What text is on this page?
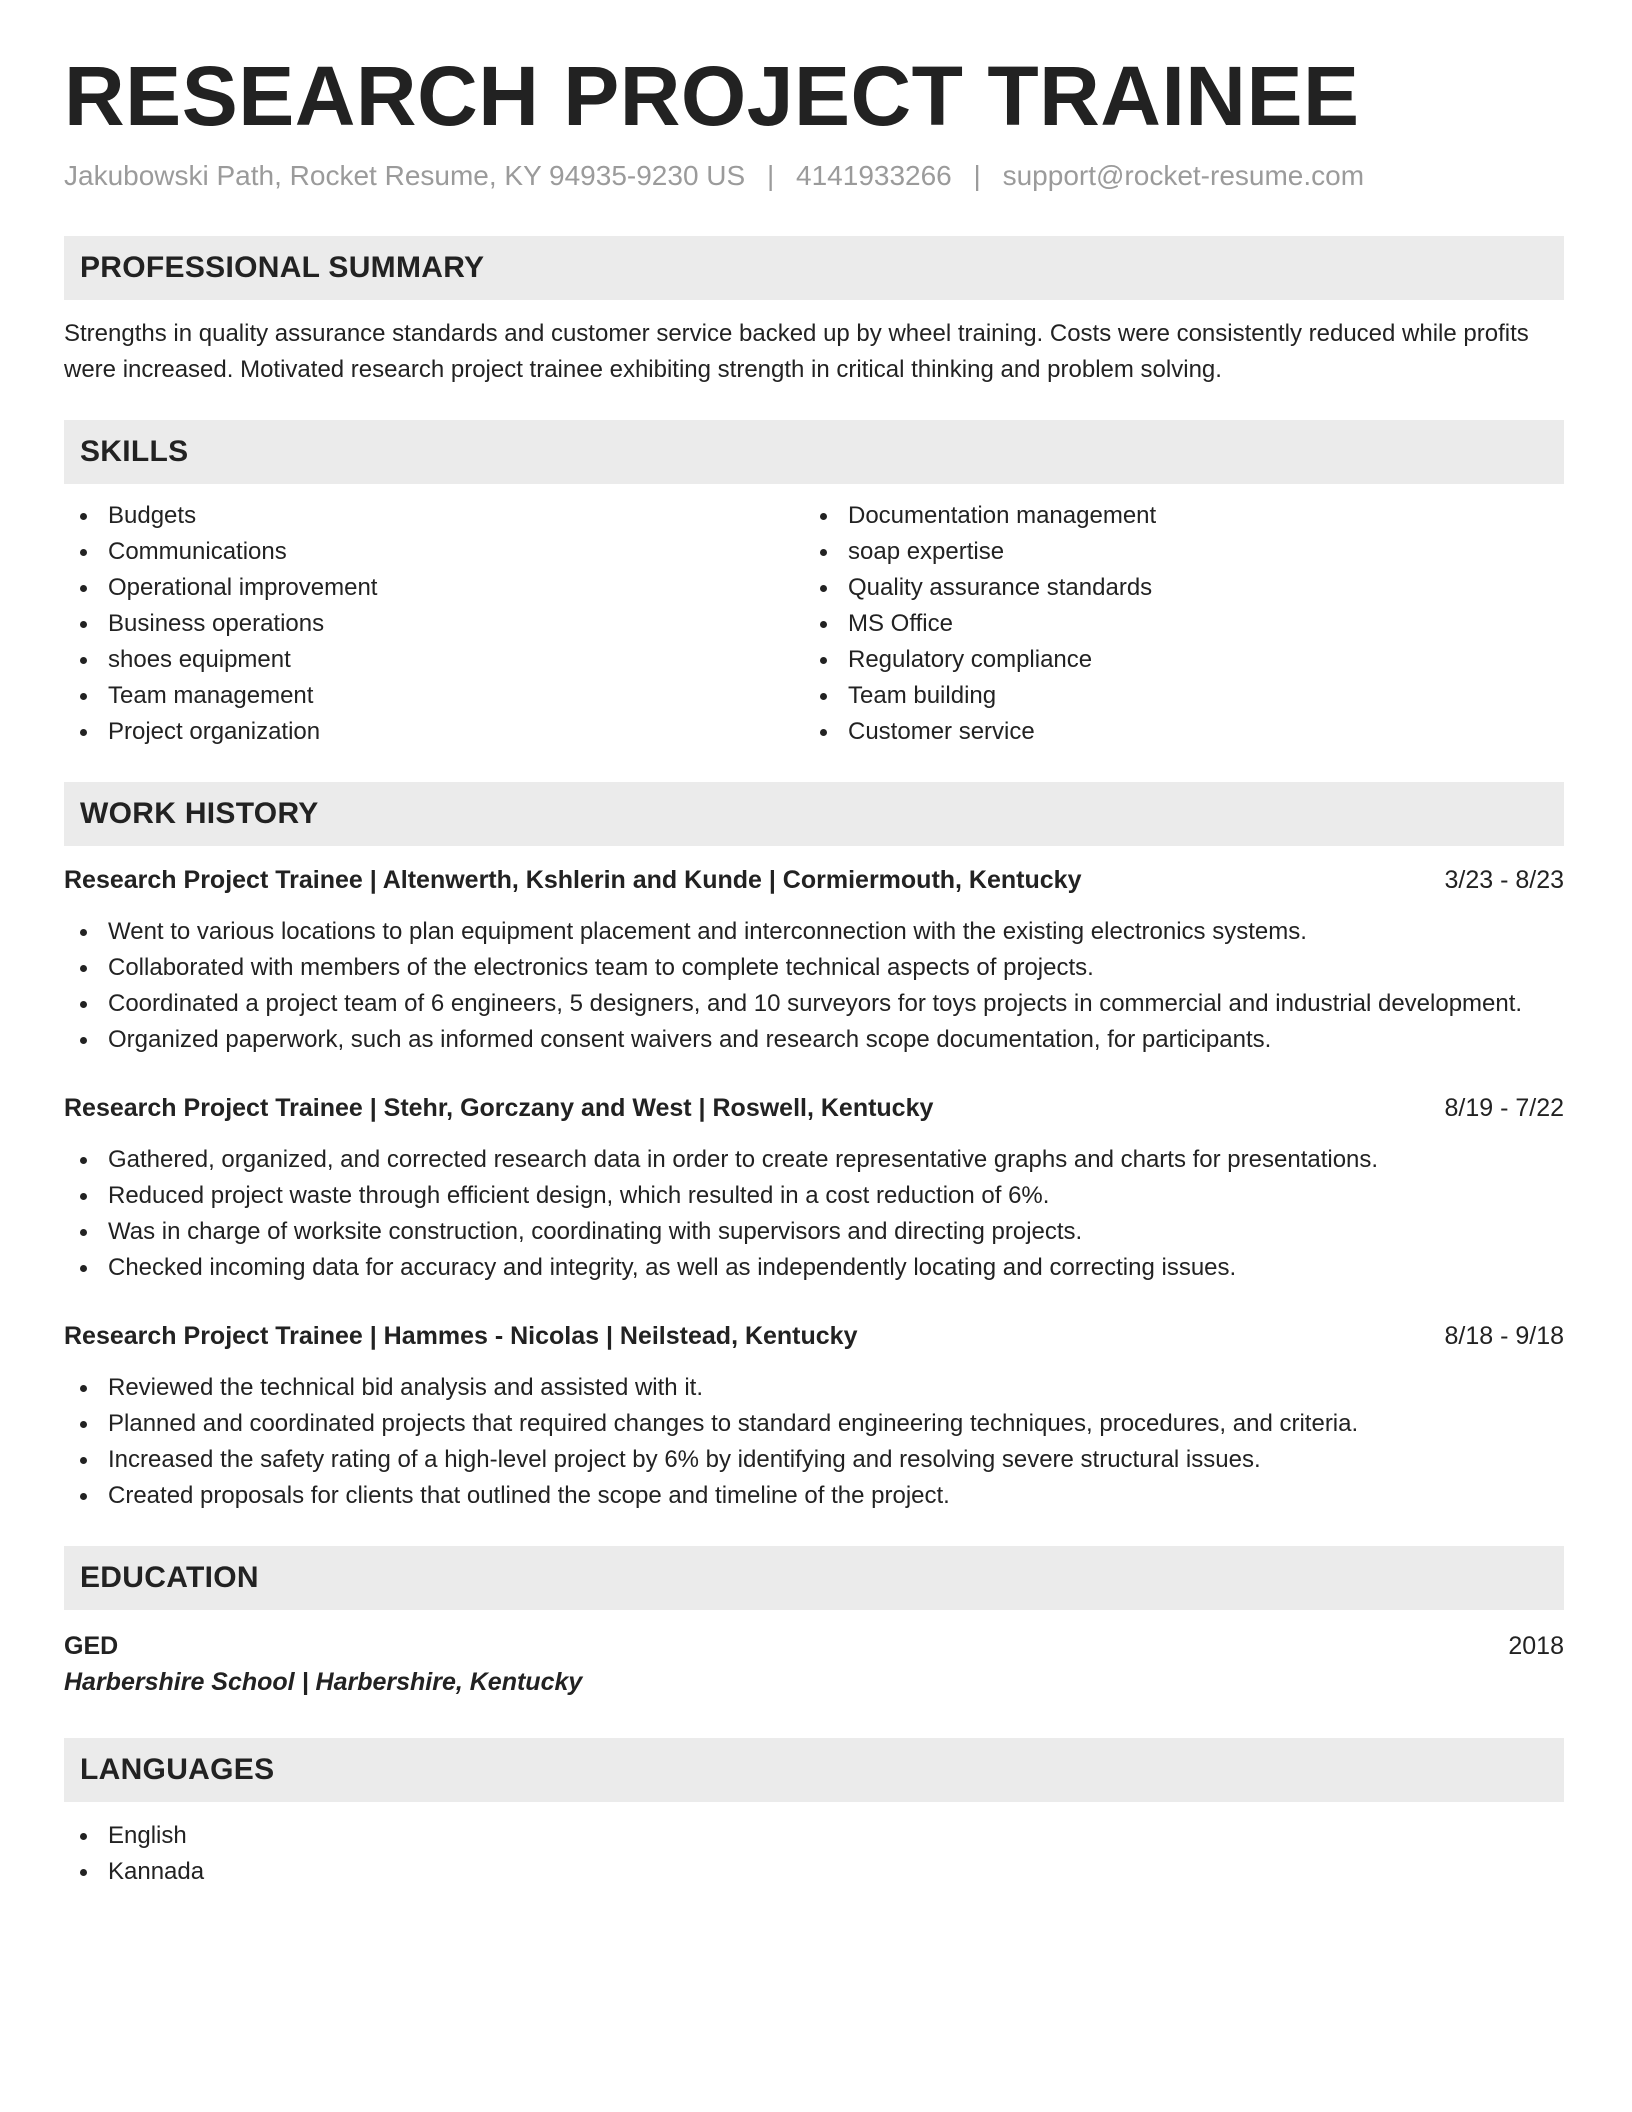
RESEARCH PROJECT TRAINEE
Jakubowski Path, Rocket Resume, KY 94935-9230 US | 4141933266 | support@rocket-resume.com
PROFESSIONAL SUMMARY
Strengths in quality assurance standards and customer service backed up by wheel training. Costs were consistently reduced while profits were increased. Motivated research project trainee exhibiting strength in critical thinking and problem solving.
SKILLS
Budgets
Communications
Operational improvement
Business operations
shoes equipment
Team management
Project organization
Documentation management
soap expertise
Quality assurance standards
MS Office
Regulatory compliance
Team building
Customer service
WORK HISTORY
Research Project Trainee | Altenwerth, Kshlerin and Kunde | Cormiermouth, Kentucky	3/23 - 8/23
Went to various locations to plan equipment placement and interconnection with the existing electronics systems.
Collaborated with members of the electronics team to complete technical aspects of projects.
Coordinated a project team of 6 engineers, 5 designers, and 10 surveyors for toys projects in commercial and industrial development.
Organized paperwork, such as informed consent waivers and research scope documentation, for participants.
Research Project Trainee | Stehr, Gorczany and West | Roswell, Kentucky	8/19 - 7/22
Gathered, organized, and corrected research data in order to create representative graphs and charts for presentations.
Reduced project waste through efficient design, which resulted in a cost reduction of 6%.
Was in charge of worksite construction, coordinating with supervisors and directing projects.
Checked incoming data for accuracy and integrity, as well as independently locating and correcting issues.
Research Project Trainee | Hammes - Nicolas | Neilstead, Kentucky	8/18 - 9/18
Reviewed the technical bid analysis and assisted with it.
Planned and coordinated projects that required changes to standard engineering techniques, procedures, and criteria.
Increased the safety rating of a high-level project by 6% by identifying and resolving severe structural issues.
Created proposals for clients that outlined the scope and timeline of the project.
EDUCATION
GED	2018
Harbershire School | Harbershire, Kentucky
LANGUAGES
English
Kannada
